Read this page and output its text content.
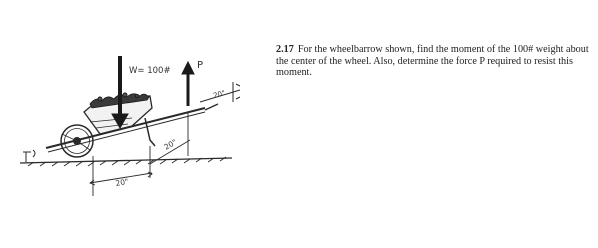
W= 100#	P
20"
20"
20"
2.17 For the wheelbarrow shown, find the moment of the 100# weight about the center of the wheel. Also, determine the force P required to resist this moment.
